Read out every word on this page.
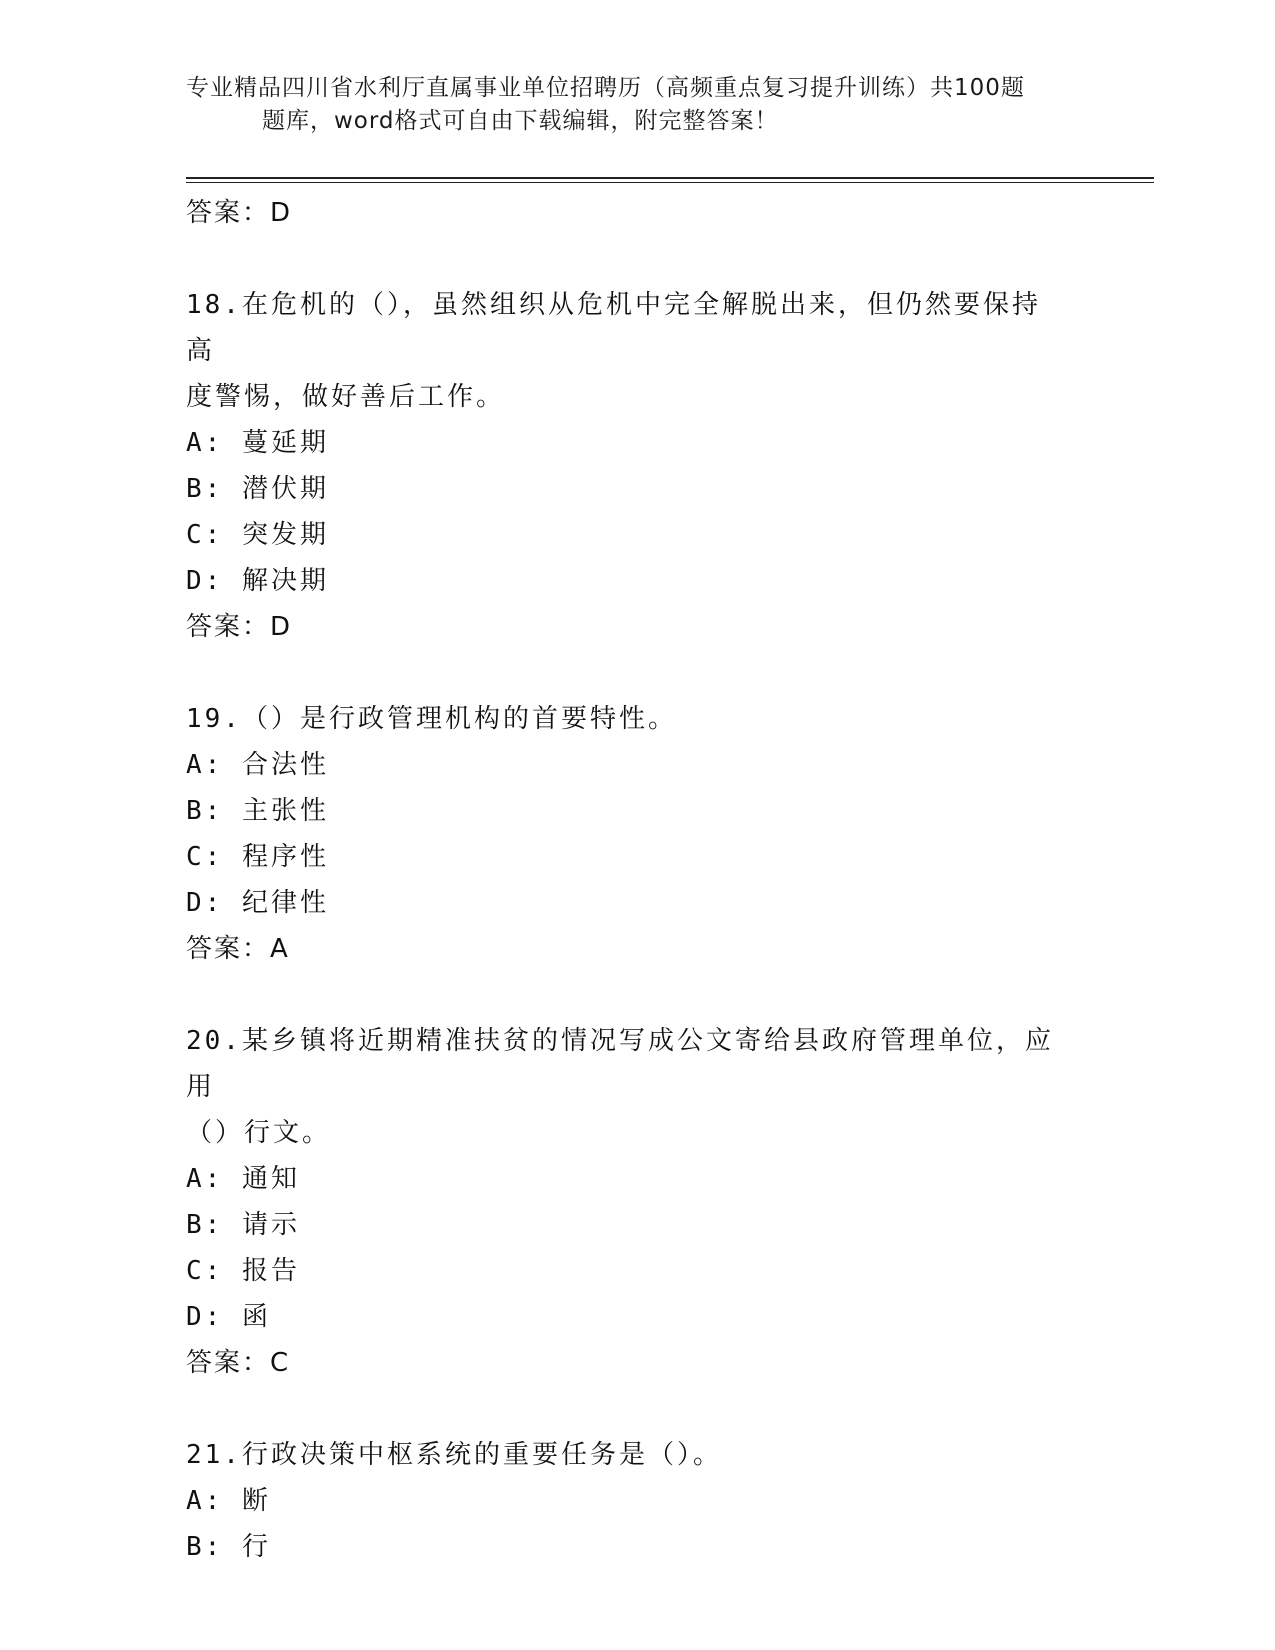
专业精品四川省水利厅直属事业单位招聘历（高频重点复习提升训练）共100题
题库，word格式可自由下载编辑，附完整答案！
答案：D
18.在危机的（），虽然组织从危机中完全解脱出来，但仍然要保持高
度警惕，做好善后工作。
A: 蔓延期
B: 潜伏期
C: 突发期
D: 解决期
答案：D
19.（）是行政管理机构的首要特性。
A: 合法性
B: 主张性
C: 程序性
D: 纪律性
答案：A
20.某乡镇将近期精准扶贫的情况写成公文寄给县政府管理单位，应用
（）行文。
A: 通知
B: 请示
C: 报告
D: 函
答案：C
21.行政决策中枢系统的重要任务是（）。
A: 断
B: 行
